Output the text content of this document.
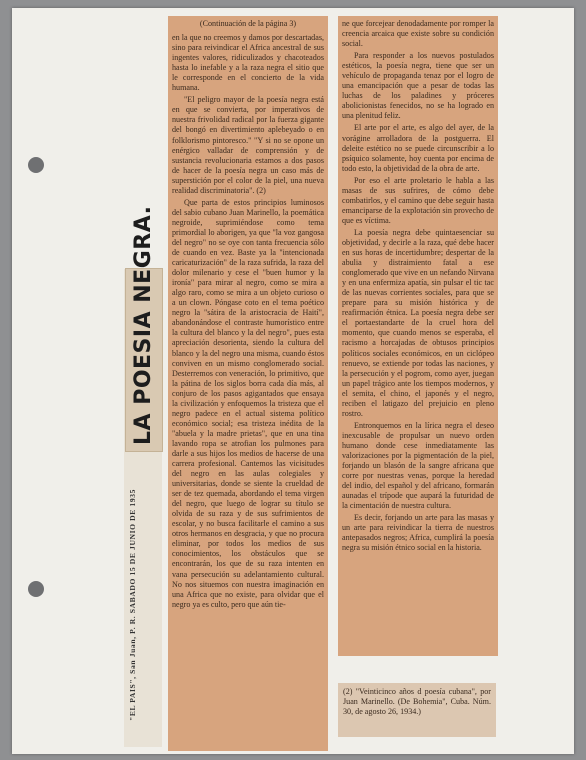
"EL PAIS", San Juan, P. R. SABADO 15 DE JUNIO DE 1935
LA POESIA NEGRA.

(Continuación de la página 3)

en la que no creemos y damos por descartadas, sino para reivindicar el Africa ancestral de sus ingentes valores, ridiculizados y chacoteados hasta lo inefable y a la raza negra el sitio que le corresponde en el concierto de la vida humana.

"El peligro mayor de la poesía negra está en que se convierta, por imperativos de nuestra frivolidad radical por la fuerza gigante del bongó en divertimiento aplebeyado o en folklorismo pintoresco." "Y si no se opone un enérgico valladar de comprensión y de sustancia revolucionaria estamos a dos pasos de hacer de la poesía negra un caso más de superstición por el color de la piel, una nueva realidad discriminatoria". (2)

Que parta de estos principios luminosos del sabio cubano Juan Marinello, la poemática negroide, suprimiéndose como tema primordial lo aborigen, ya que "la voz gangosa del negro" no se oye con tanta frecuencia sólo de cuando en vez. Baste ya la "intencionada caricaturización" de la raza sufrida, la raza del dolor milenario y cese el "buen humor y la ironía" para mirar al negro, como se mira a algo raro, como se mira a un objeto curioso o a un clown. Póngase coto en el tema poético negro la "sátira de la aristocracia de Haití", abandonándose el contraste humorístico entre la cultura del blanco y la del negro", pues esta apreciación desorienta, siendo la cultura del blanco y la del negro una misma, cuando éstos conviven en un mismo conglomerado social. Desterremos con veneración, lo primitivo, que la pátina de los siglos borra cada día más, al conjuro de los pasos agigantados que ensaya la civilización y enfoquemos la tristeza que el negro padece en el actual sistema político económico social; esa tristeza inédita de la "abuela y la madre prietas", que en una tina lavando ropa se atrofian los pulmones para darle a sus hijos los medios de hacerse de una carrera profesional. Cantemos las vicisitudes del negro en las aulas colegiales y universitarias, donde se siente la crueldad de ser de tez quemada, abordando el tema virgen del negro, que luego de lograr su título se olvida de su raza y de sus sufrimientos de escolar, y no busca facilitarle el camino a sus otros hermanos en desgracia, y que no procura eliminar, por todos los medios de sus conocimientos, los obstáculos que se encontrarán, los que de su raza intenten en vana persecución su adelantamiento cultural. No nos situemos con nuestra imaginación en una Africa que no existe, para olvidar que el negro ya es culto, pero que aún tie-

ne que forcejear denodadamente por romper la creencia arcaica que existe sobre su condición social.

Para responder a los nuevos postulados estéticos, la poesía negra, tiene que ser un vehículo de propaganda tenaz por el logro de una emancipación que a pesar de todas las luchas de los paladines y próceres abolicionistas fenecidos, no se ha logrado en una plenitud feliz.

El arte por el arte, es algo del ayer, de la vorágine arrolladora de la postguerra. El deleite estético no se puede circunscribir a lo psíquico solamente, hoy cuenta por encima de todo esto, la objetividad de la obra de arte.

Por eso el arte proletario le habla a las masas de sus sufrires, de cómo debe combatirlos, y el camino que debe seguir hasta emanciparse de la explotación sin provecho de que es víctima.

La poesía negra debe quintaesenciar su objetividad, y decirle a la raza, qué debe hacer en sus horas de incertidumbre; despertar de la abulia y distraimiento fatal a ese conglomerado que vive en un nefando Nirvana y en una enfermiza apatía, sin pulsar el tic tac de las nuevas corrientes sociales, para que se prepare para su misión histórica y de reafirmación étnica. La poesía negra debe ser el portaestandarte de la cruel hora del momento, que cuando menos se esperaba, el racismo a horcajadas de obtusos principios políticos sociales económicos, en un ciclópeo renuevo, se extiende por todas las naciones, y la persecución y el pogrom, como ayer, juegan un papel trágico ante los tiempos modernos, y el semita, el chino, el japonés y el negro, reciben el latigazo del prejuicio en pleno rostro.

Entronquemos en la lírica negra el deseo inexcusable de propulsar un nuevo orden humano donde cese inmediatamente las valorizaciones por la pigmentación de la piel, forjando un blasón de la sangre africana que corre por nuestras venas, porque la heredad del indio, del español y del africano, formarán aunadas el trípode que aupará la futuridad de la cimentación de nuestra cultura.

Es decir, forjando un arte para las masas y un arte para reivindicar la tierra de nuestros antepasados negros; Africa, cumplirá la poesía negra su misión étnico social en la historia.

(2) "Veinticinco años d poesía cubana", por Juan Marinello. (De Bohemia", Cuba. Núm. 30, de agosto 26, 1934.)
